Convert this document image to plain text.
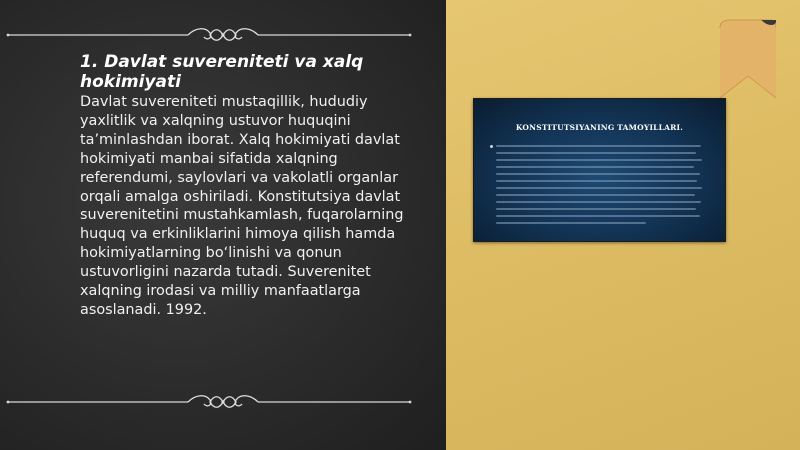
1. Davlat suvereniteti va xalq hokimiyati

Davlat suvereniteti mustaqillik, hududiy yaxlitlik va xalqning ustuvor huquqini ta’minlashdan iborat. Xalq hokimiyati davlat hokimiyati manbai sifatida xalqning referendumi, saylovlari va vakolatli organlar orqali amalga oshiriladi. Konstitutsiya davlat suverenitetini mustahkamlash, fuqarolarning huquq va erkinliklarini himoya qilish hamda hokimiyatlarning bo‘linishi va qonun ustuvorligini nazarda tutadi. Suverenitet xalqning irodasi va milliy manfaatlarga asoslanadi. 1992.

KONSTITUTSIYANING TAMOYILLARI.
